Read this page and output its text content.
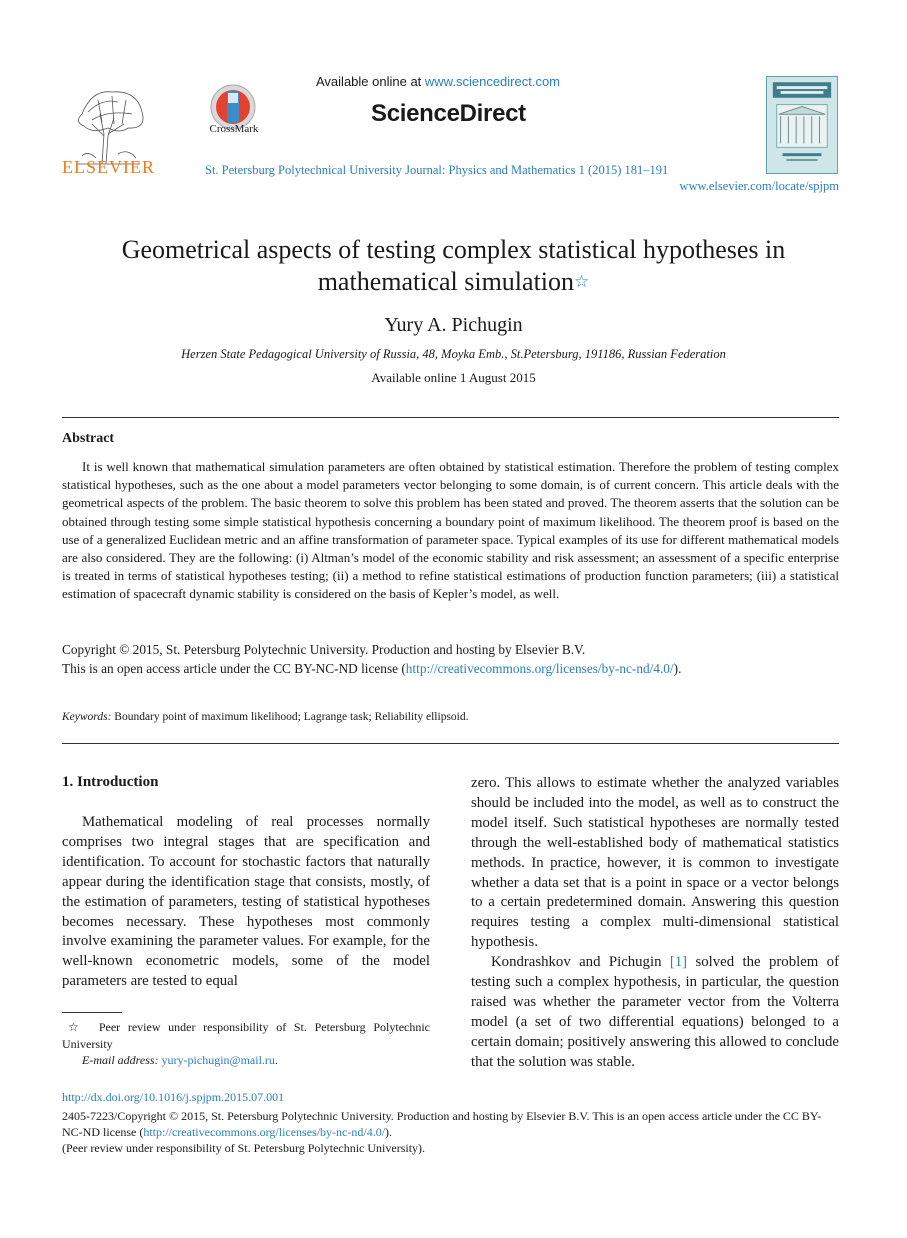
ELSEVIER
CrossMark
Available online at www.sciencedirect.com
ScienceDirect
St. Petersburg Polytechnical University Journal: Physics and Mathematics 1 (2015) 181–191
www.elsevier.com/locate/spjpm
Geometrical aspects of testing complex statistical hypotheses in mathematical simulation☆
Yury A. Pichugin
Herzen State Pedagogical University of Russia, 48, Moyka Emb., St.Petersburg, 191186, Russian Federation
Available online 1 August 2015
Abstract
It is well known that mathematical simulation parameters are often obtained by statistical estimation. Therefore the problem of testing complex statistical hypotheses, such as the one about a model parameters vector belonging to some domain, is of current concern. This article deals with the geometrical aspects of the problem. The basic theorem to solve this problem has been stated and proved. The theorem asserts that the solution can be obtained through testing some simple statistical hypothesis concerning a boundary point of maximum likelihood. The theorem proof is based on the use of a generalized Euclidean metric and an affine transformation of parameter space. Typical examples of its use for different mathematical models are also considered. They are the following: (i) Altman’s model of the economic stability and risk assessment; an assessment of a specific enterprise is treated in terms of statistical hypotheses testing; (ii) a method to refine statistical estimations of production function parameters; (iii) a statistical estimation of spacecraft dynamic stability is considered on the basis of Kepler’s model, as well.
Copyright © 2015, St. Petersburg Polytechnic University. Production and hosting by Elsevier B.V.
This is an open access article under the CC BY-NC-ND license (http://creativecommons.org/licenses/by-nc-nd/4.0/).
Keywords: Boundary point of maximum likelihood; Lagrange task; Reliability ellipsoid.
1. Introduction

Mathematical modeling of real processes normally comprises two integral stages that are specification and identification. To account for stochastic factors that naturally appear during the identification stage that consists, mostly, of the estimation of parameters, testing of statistical hypotheses becomes necessary. These hypotheses most commonly involve examining the parameter values. For example, for the well-known econometric models, some of the model parameters are tested to equal

zero. This allows to estimate whether the analyzed variables should be included into the model, as well as to construct the model itself. Such statistical hypotheses are normally tested through the well-established body of mathematical statistics methods. In practice, however, it is common to investigate whether a data set that is a point in space or a vector belongs to a certain predetermined domain. Answering this question requires testing a complex multi-dimensional statistical hypothesis.

Kondrashkov and Pichugin [1] solved the problem of testing such a complex hypothesis, in particular, the question raised was whether the parameter vector from the Volterra model (a set of two differential equations) belonged to a certain domain; positively answering this allowed to conclude that the solution was stable.

☆ Peer review under responsibility of St. Petersburg Polytechnic University
E-mail address: yury-pichugin@mail.ru.
http://dx.doi.org/10.1016/j.spjpm.2015.07.001
2405-7223/Copyright © 2015, St. Petersburg Polytechnic University. Production and hosting by Elsevier B.V. This is an open access article under the CC BY-NC-ND license (http://creativecommons.org/licenses/by-nc-nd/4.0/).
(Peer review under responsibility of St. Petersburg Polytechnic University).
